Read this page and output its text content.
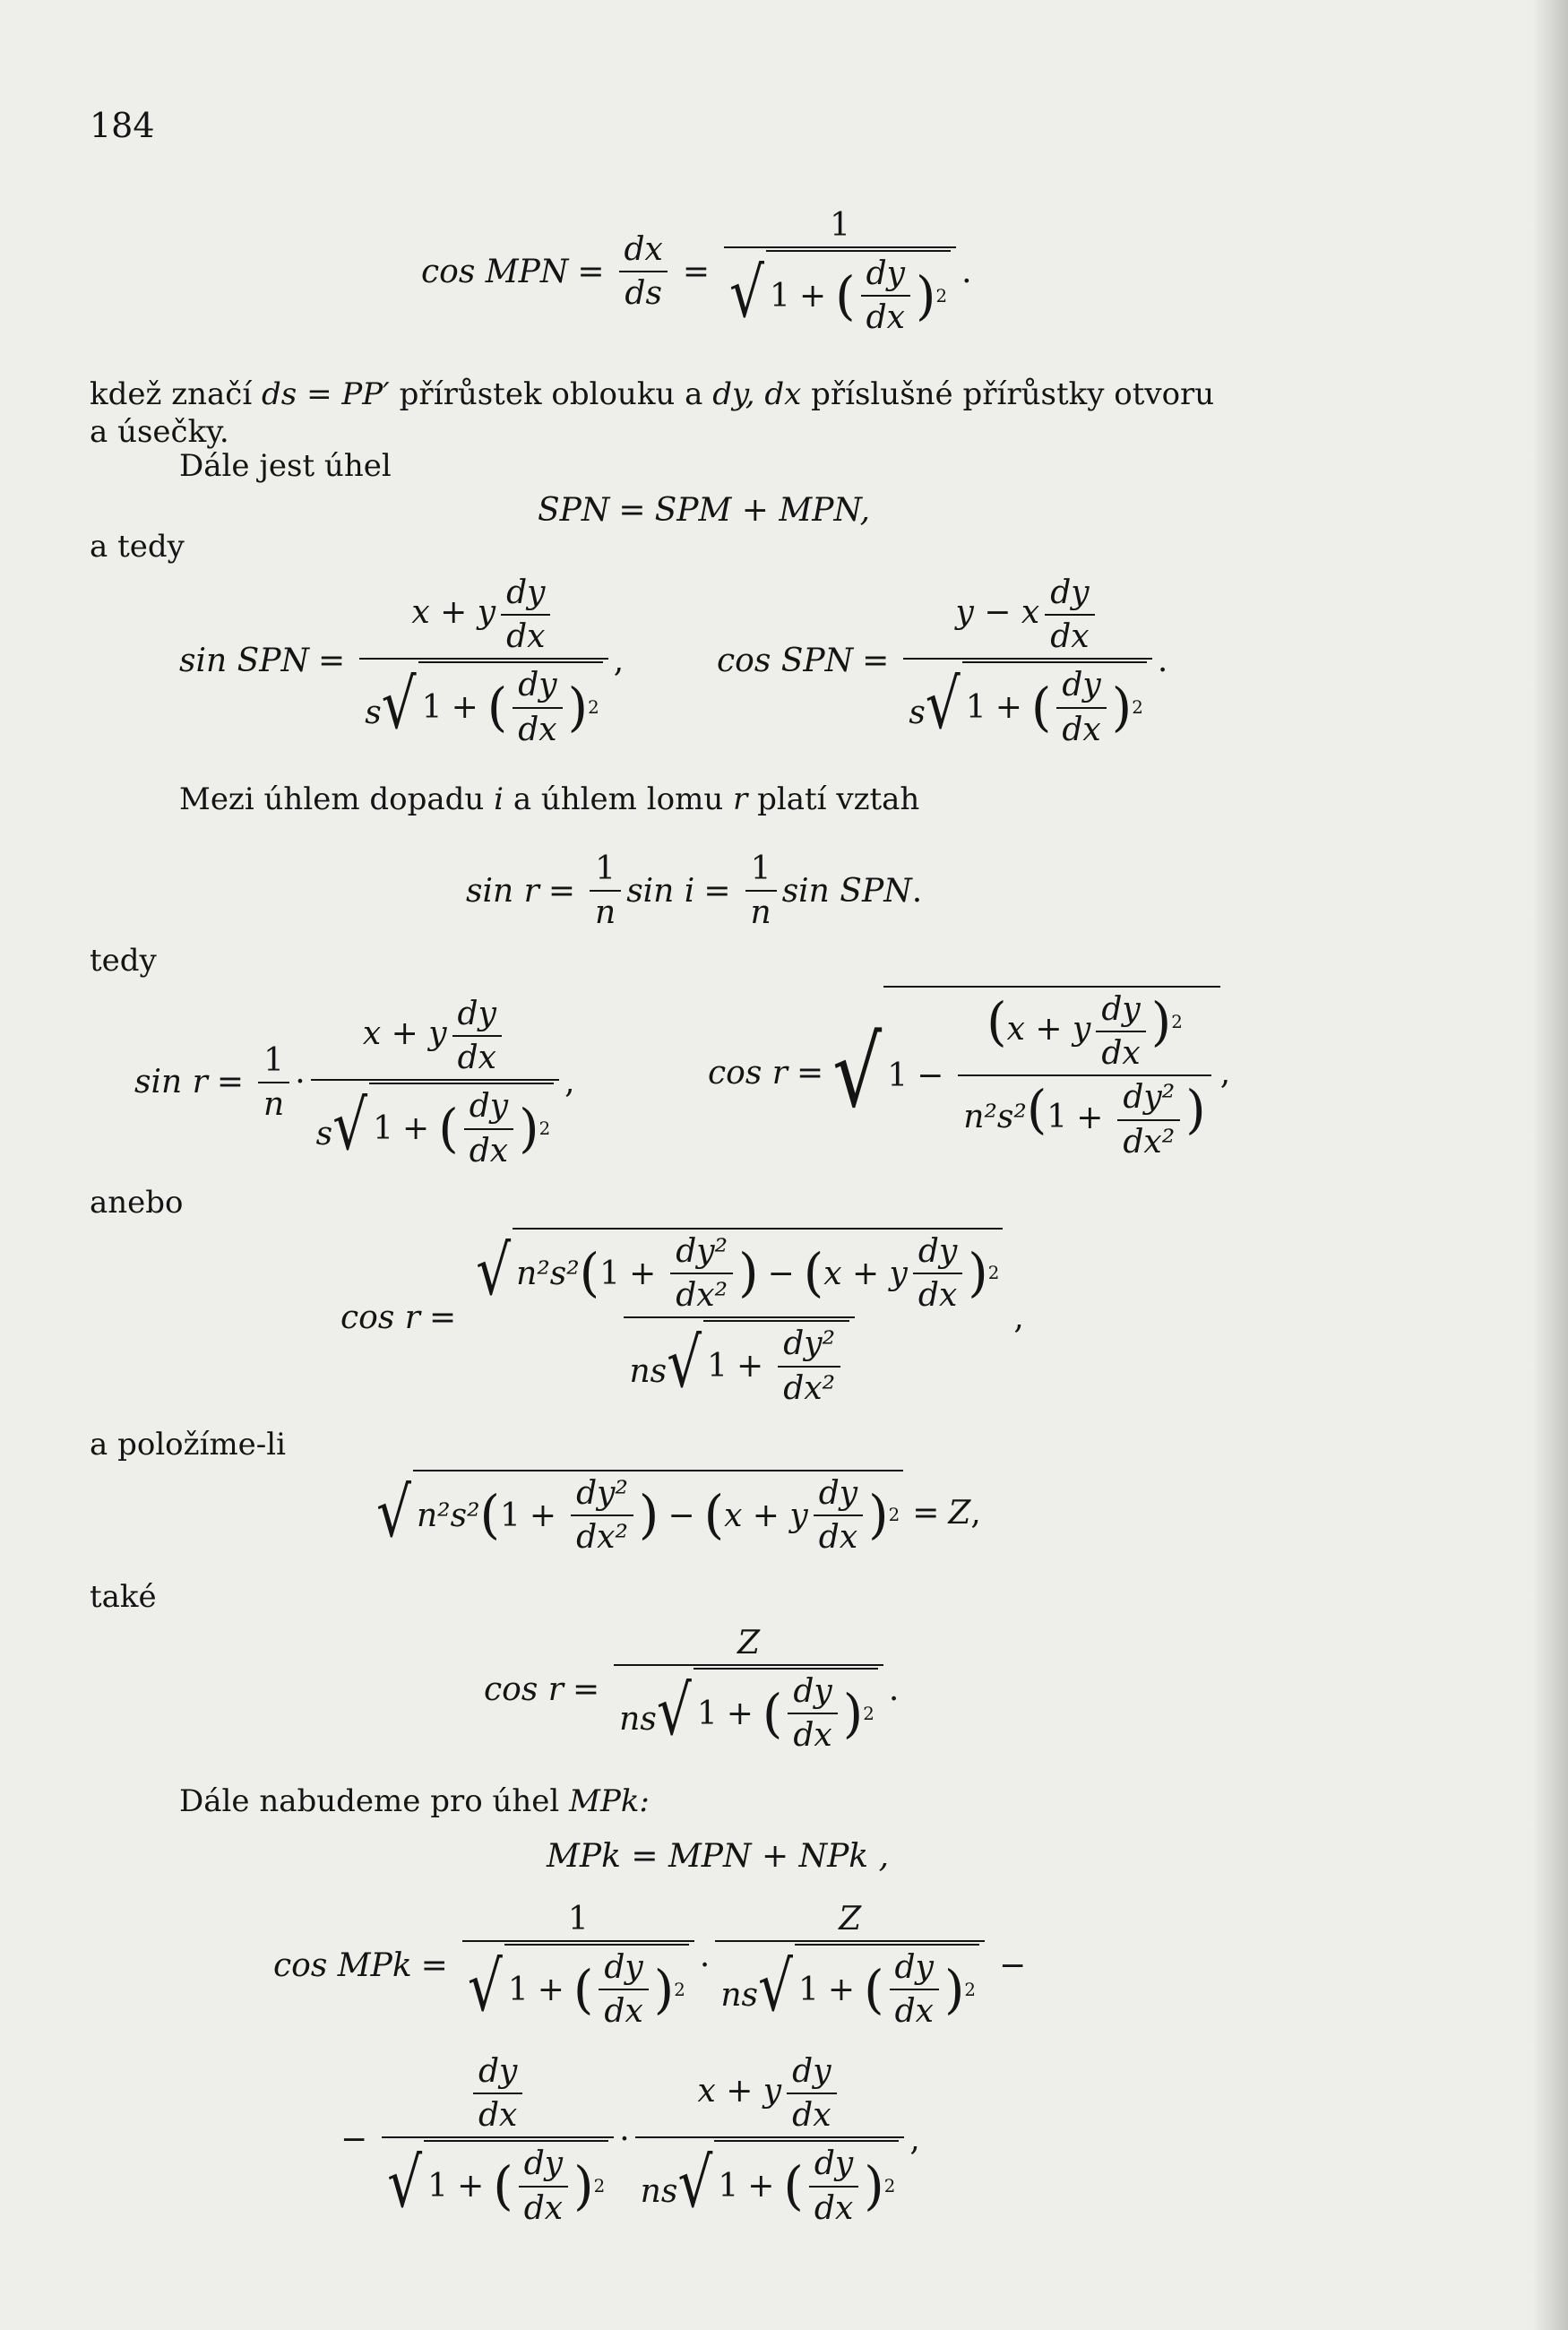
184
cos MPN = $\frac{dx}{ds} = \frac{1}{√ 1 + ( \frac{dy}{dx} ) 2}$ .
kdež značí ds = PP′ přírůstek oblouku a dy, dx příslušné přírůstky otvoru
a úsečky.
Dále jest úhel
SPN = SPM + MPN,
a tedy
sin SPN = $\frac{x + y \frac{dy}{dx}}{s √ 1 + ( \frac{dy}{dx} ) 2}$ ,	cos SPN = $\frac{y - x \frac{dy}{dx}}{s √ 1 + ( \frac{dy}{dx} ) 2}$ .
Mezi úhlem dopadu i a úhlem lomu r platí vztah
$\sin r = \frac{1}{n}$ $\sin i = \frac{1}{n}$ sin SPN .
tedy
$\sin r = \frac{1}{n} \cdot \frac{x + y \frac{dy}{dx}}{s √ 1 + ( \frac{dy}{dx} ) 2}$ ,	cos r = √ $1 - \frac{(x + y \frac{dy}{dx} )^2}{n^2s^2(1 + \frac{\text{dy²}}{\text{dx²}} )}$ ,
anebo
$\cos r = \frac{√ n^2s^2 ( 1 + \frac{\text{dy²}}{\text{dx²}} ) - ( x + y \frac{dy}{dx} ) 2}{ns √ 1 + \frac{\text{dy²}}{\text{dx²}}}$ ,
a položíme-li
√ n²s² ( $1 + \frac{\text{dy²}}{\text{dx²}}$ ) − ( x + y $\frac{dy}{dx}$ ) 2 = Z ,
také
$\cos r = \frac{Z}{ns √ 1 + ( \frac{dy}{dx} ) 2}$ .
Dále nabudeme pro úhel MPk:
MPk = MPN + NPk ,
cos MPk = $\frac{1}{√ 1 + ( \frac{dy}{dx} ) 2} \cdot \frac{Z}{ns √ 1 + ( \frac{dy}{dx} ) 2}$ −
− $\frac{\frac{dy}{dx}}{√ 1 + ( \frac{dy}{dx} ) 2} \cdot \frac{x + y \frac{dy}{dx}}{ns √ 1 + ( \frac{dy}{dx} ) 2}$ ,
